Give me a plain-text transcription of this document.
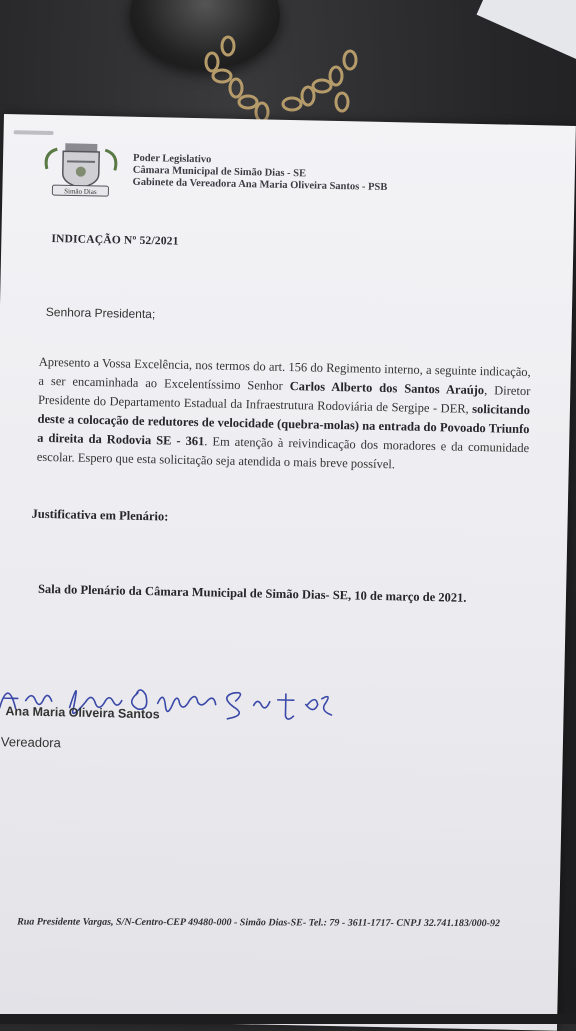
Simão Dias
Poder Legislativo
Câmara Municipal de Simão Dias - SE
Gabinete da Vereadora Ana Maria Oliveira Santos - PSB
INDICAÇÃO Nº 52/2021
Senhora Presidenta;
Apresento a Vossa Excelência, nos termos do art. 156 do Regimento interno, a seguinte indicação, a ser encaminhada ao Excelentíssimo Senhor Carlos Alberto dos Santos Araújo, Diretor Presidente do Departamento Estadual da Infraestrutura Rodoviária de Sergipe - DER, solicitando deste a colocação de redutores de velocidade (quebra-molas) na entrada do Povoado Triunfo a direita da Rodovia SE - 361. Em atenção à reivindicação dos moradores e da comunidade escolar. Espero que esta solicitação seja atendida o mais breve possível.
Justificativa em Plenário:
Sala do Plenário da Câmara Municipal de Simão Dias- SE, 10 de março de 2021.
Ana Maria Oliveira Santos
Vereadora
Rua Presidente Vargas, S/N-Centro-CEP 49480-000 - Simão Dias-SE- Tel.: 79 - 3611-1717- CNPJ 32.741.183/000-92
